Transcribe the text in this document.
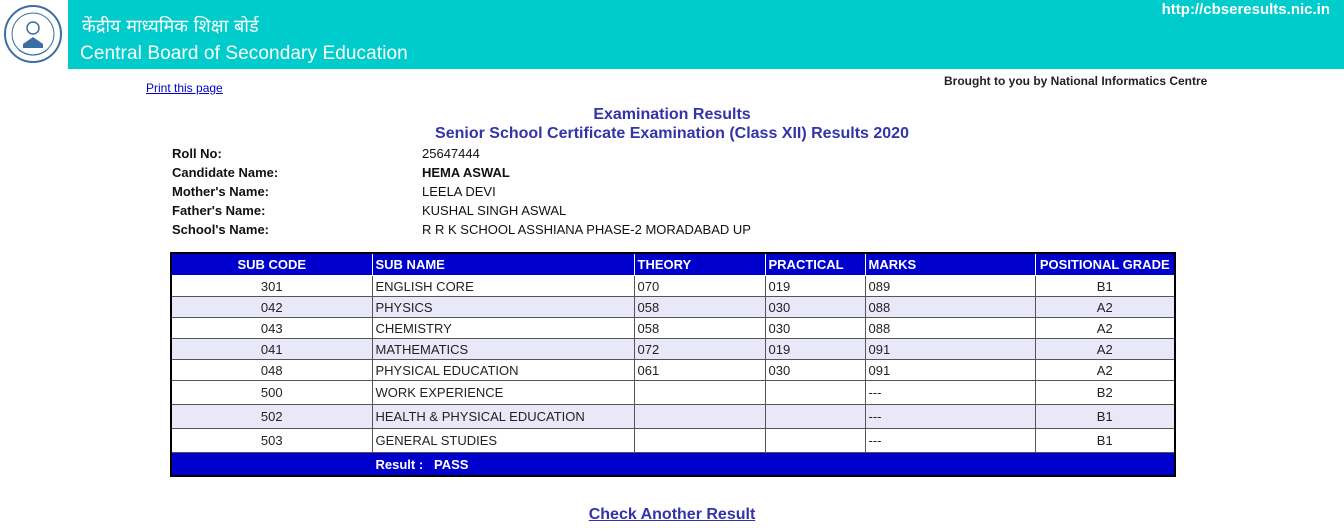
केंद्रीय माध्यमिक शिक्षा बोर्ड
Central Board of Secondary Education
http://cbseresults.nic.in
Print this page	Brought to you by National Informatics Centre
Examination Results
Senior School Certificate Examination (Class XII) Results 2020
Roll No:	25647444
Candidate Name:	HEMA ASWAL
Mother's Name:	LEELA DEVI
Father's Name:	KUSHAL SINGH ASWAL
School's Name:	R R K SCHOOL ASSHIANA PHASE-2 MORADABAD UP
SUB CODE	SUB NAME	THEORY	PRACTICAL	MARKS	POSITIONAL GRADE
301	ENGLISH CORE	070	019	089	B1
042	PHYSICS	058	030	088	A2
043	CHEMISTRY	058	030	088	A2
041	MATHEMATICS	072	019	091	A2
048	PHYSICAL EDUCATION	061	030	091	A2
500	WORK EXPERIENCE			---	B2
502	HEALTH & PHYSICAL EDUCATION			---	B1
503	GENERAL STUDIES			---	B1
	Result : PASS				
Check Another Result
